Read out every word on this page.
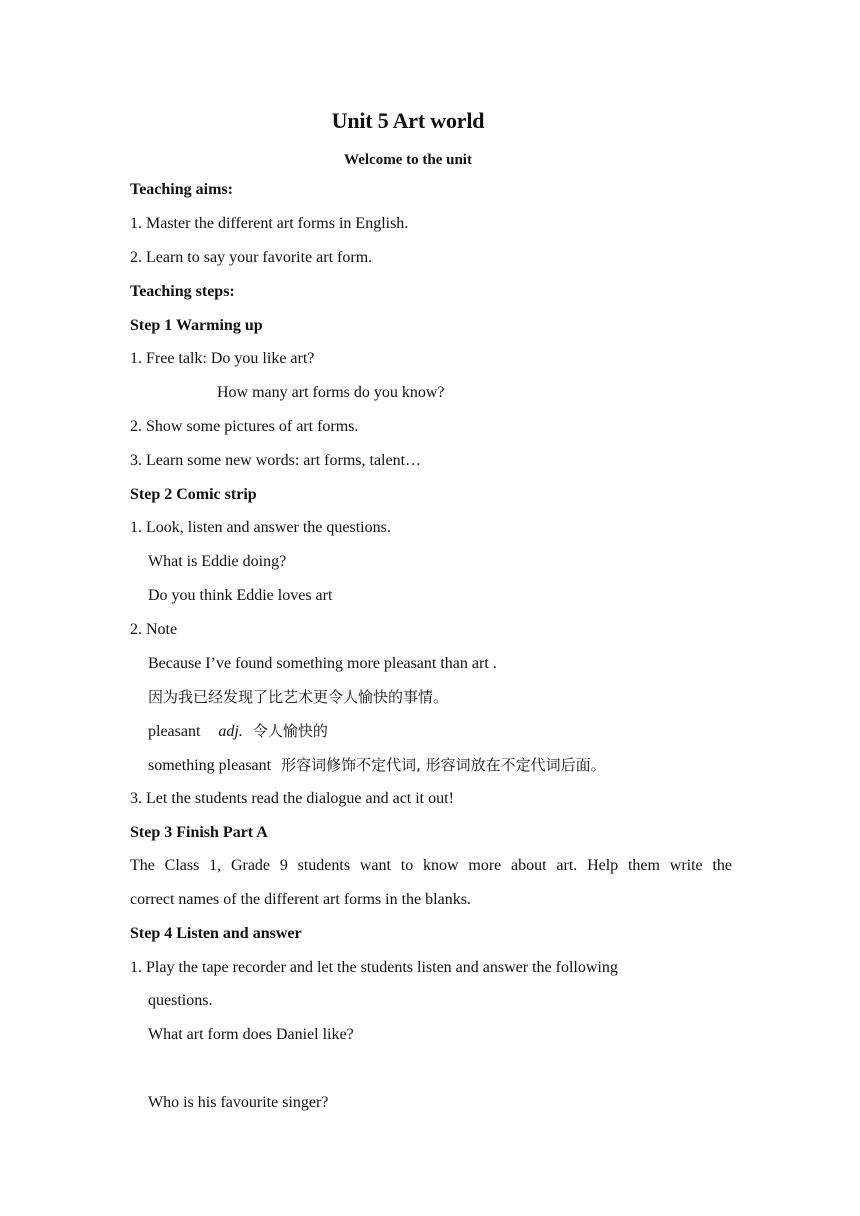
Unit 5 Art world
Welcome to the unit
Teaching aims:
1. Master the different art forms in English.
2. Learn to say your favorite art form.
Teaching steps:
Step 1 Warming up
1. Free talk: Do you like art?
How many art forms do you know?
2. Show some pictures of art forms.
3. Learn some new words: art forms, talent…
Step 2 Comic strip
1. Look, listen and answer the questions.
What is Eddie doing?
Do you think Eddie loves art
2. Note
Because I’ve found something more pleasant than art .
因为我已经发现了比艺术更令人愉快的事情。
pleasant adj. 令人愉快的
something pleasant 形容词修饰不定代词, 形容词放在不定代词后面。
3. Let the students read the dialogue and act it out!
Step 3 Finish Part A
The Class 1, Grade 9 students want to know more about art. Help them write the
correct names of the different art forms in the blanks.
Step 4 Listen and answer
1. Play the tape recorder and let the students listen and answer the following
questions.
What art form does Daniel like?
Who is his favourite singer?
